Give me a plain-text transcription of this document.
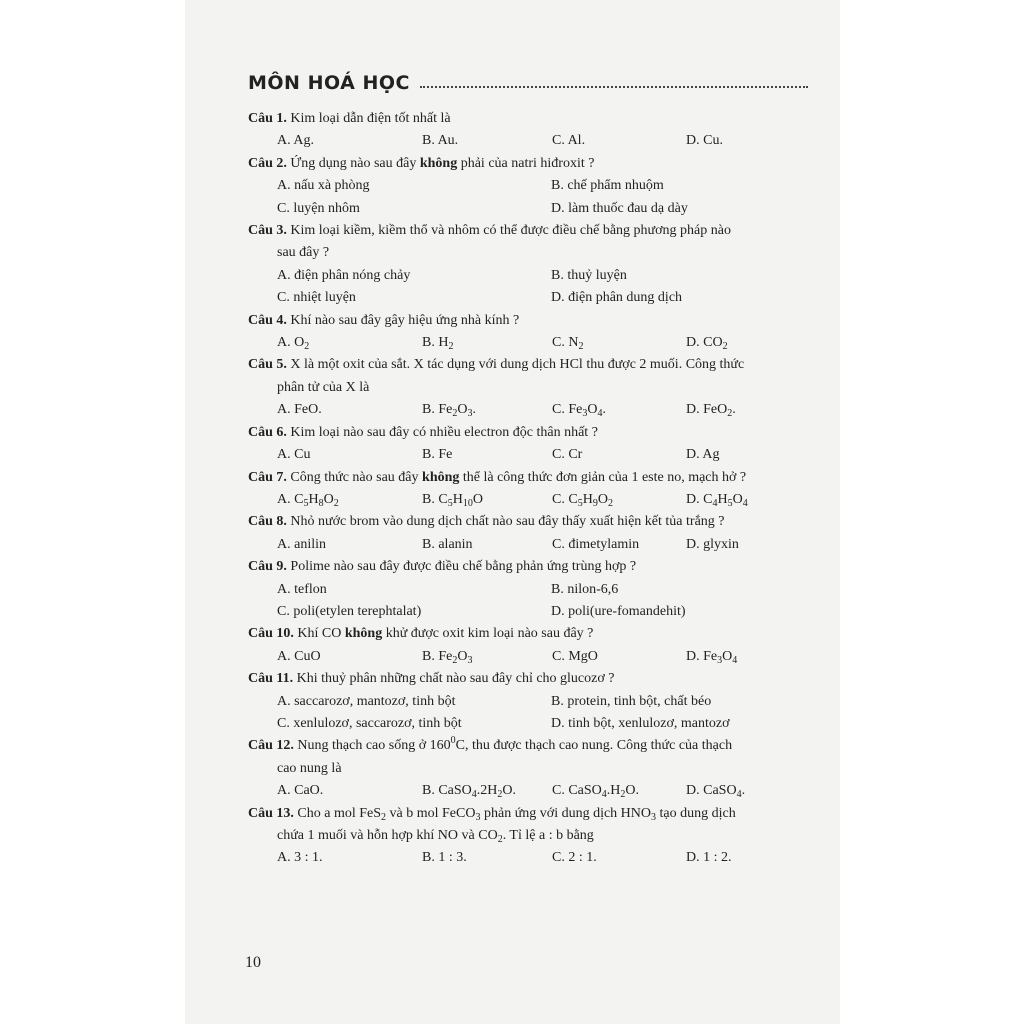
MÔN HOÁ HỌC
Câu 1. Kim loại dẫn điện tốt nhất là
A. Ag.	B. Au.	C. Al.	D. Cu.
Câu 2. Ứng dụng nào sau đây không phải của natri hiđroxit ?
A. nấu xà phòng	B. chế phẩm nhuộm
C. luyện nhôm	D. làm thuốc đau dạ dày
Câu 3. Kim loại kiềm, kiềm thổ và nhôm có thể được điều chế bằng phương pháp nào
sau đây ?
A. điện phân nóng chảy	B. thuỷ luyện
C. nhiệt luyện	D. điện phân dung dịch
Câu 4. Khí nào sau đây gây hiệu ứng nhà kính ?
A. $O_2$	B. $H_2$	C. $N_2$	D. $CO_2$
Câu 5. X là một oxit của sắt. X tác dụng với dung dịch HCl thu được 2 muối. Công thức
phân tử của X là
A. FeO.	B. $Fe_2O_3$.	C. $Fe_3O_4$.	D. FeO$_2$.
Câu 6. Kim loại nào sau đây có nhiều electron độc thân nhất ?
A. Cu	B. Fe	C. Cr	D. Ag
Câu 7. Công thức nào sau đây không thể là công thức đơn giản của 1 este no, mạch hở ?
A. $C_5H_8O_2$	B. $C_5H_{10}O$	C. $C_5H_9O_2$	D. $C_4H_5O_4$
Câu 8. Nhỏ nước brom vào dung dịch chất nào sau đây thấy xuất hiện kết tủa trắng ?
A. anilin	B. alanin	C. đimetylamin	D. glyxin
Câu 9. Polime nào sau đây được điều chế bằng phản ứng trùng hợp ?
A. teflon	B. nilon-6,6
C. poli(etylen terephtalat)	D. poli(ure-fomandehit)
Câu 10. Khí CO không khử được oxit kim loại nào sau đây ?
A. CuO	B. $Fe_2O_3$	C. MgO	D. $Fe_3O_4$
Câu 11. Khi thuỷ phân những chất nào sau đây chỉ cho glucozơ ?
A. saccarozơ, mantozơ, tinh bột	B. protein, tinh bột, chất béo
C. xenlulozơ, saccarozơ, tinh bột	D. tinh bột, xenlulozơ, mantozơ
Câu 12. Nung thạch cao sống ở $160^0C$, thu được thạch cao nung. Công thức của thạch
cao nung là
A. CaO.	B. $CaSO_4.2H_2O$.	C. $CaSO_4.H_2O$.	D. CaSO$_4$.
Câu 13. Cho a mol FeS$_2$ và b mol FeCO$_3$ phản ứng với dung dịch $HNO_3$ tạo dung dịch
chứa 1 muối và hỗn hợp khí NO và $CO_2$. Tỉ lệ a : b bằng
A. 3 : 1.	B. 1 : 3.	C. 2 : 1.	D. 1 : 2.
10
